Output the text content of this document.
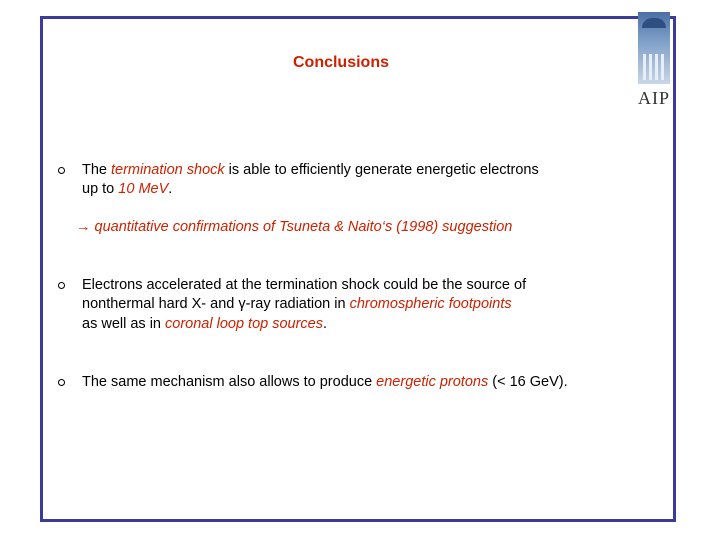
AIP
Conclusions
The termination shock is able to efficiently generate energetic electrons
up to 10 MeV.
→ quantitative confirmations of Tsuneta & Naito‘s (1998) suggestion
Electrons accelerated at the termination shock could be the source of
nonthermal hard X- and γ-ray radiation in chromospheric footpoints
as well as in coronal loop top sources.
The same mechanism also allows to produce energetic protons (< 16 GeV).
